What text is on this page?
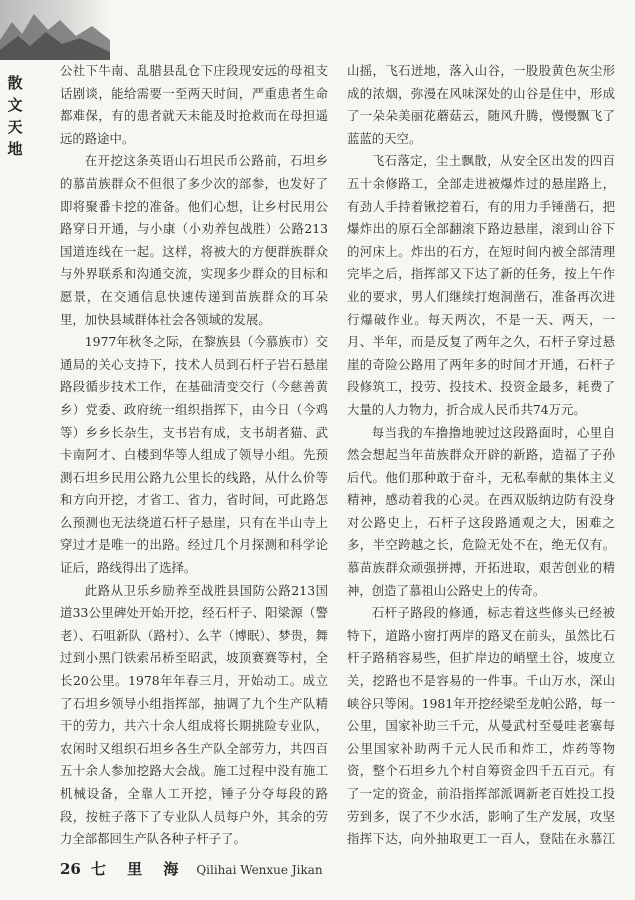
散
文
天
地

公社下牛南、乱腊县乱仓下庄段现安远的母祖支话剧谈，能给需要一至两天时间，严重患者生命都难保，有的患者就天未能及时抢救而在母担遥远的路途中。

在开挖这条英语山石坦民币公路前，石坦乡的慕苗族群众不但很了多少次的部参，也发好了即将聚番卡挖的准备。他们心想，让乡村民用公路穿日开通，与小康（小劝养包战胜）公路213国道连线在一起。这样，将被大的方便群族群众与外界联系和沟通交流，实现多少群众的目标和愿景，在交通信息快速传递到苗族群众的耳朵里，加快县域群体社会各领域的发展。

1977年秋冬之际，在黎族县（今慕族市）交通局的关心支持下，技术人员到石杆子岩石悬崖路段循步技术工作，在基础清变交行（今慈善黄乡）党委、政府统一组织指挥下，由今日（今鸡等）乡乡长杂生，支书岩有成，支书胡者猫、武卡南阿才、白楼到华等人组成了领导小组。先预测石坦乡民用公路九公里长的线路，从什么价等和方向开挖，才省工、省力，省时间，可此路怎么预测也无法绕道石杆子悬崖，只有在半山寺上穿过才是唯一的出路。经过几个月探测和科学论证后，路线得出了选择。

此路从卫乐乡励养至战胜县国防公路213国道33公里碑处开始开挖，经石杆子、阳梁源（警老）、石咀新队（路村）、么芊（博眠）、梦贵，舞过到小黑门铁索吊桥至昭武，坡顶赛赛等村，全长20公里。1978年年春三月，开始动工。成立了石坦乡领导小组指挥部，抽调了九个生产队精干的劳力，共六十余人组成将长期挑险专业队，农闲时又组织石坦乡各生产队全部劳力，共四百五十余人参加挖路大会战。施工过程中没有施工机械设备，全靠人工开挖，锤子分夺每段的路段，按桩子落下了专业队人员每户外，其余的劳力全部都回生产队各种子杆子了。

山摇，飞石迸地，落入山谷，一股股黄色灰尘形成的浓烟，弥漫在风味深处的山谷是住中，形成了一朵朵美丽花蘑菇云，随风升腾，慢慢飘飞了蓝蓝的天空。

飞石落定，尘土飘散，从安全区出发的四百五十余修路工，全部走进被爆炸过的悬崖路上，有劲人手持着锹挖着石，有的用力手锤凿石，把爆炸出的原石全部翻滚下路边悬崖，滚到山谷下的河床上。炸出的石方，在短时间内被全部清理完毕之后，指挥部又下达了新的任务，按上午作业的要求，男人们继续打炮洞凿石，准备再次进行爆破作业。每天两次，不是一天、两天，一月、半年，而是反复了两年之久，石杆子穿过悬崖的奇险公路用了两年多的时间才开通，石杆子段修筑工，投劳、投技术、投资金最多，耗费了大量的人力物力，折合成人民币共74万元。

每当我的车撸撸地驶过这段路面时，心里自然会想起当年苗族群众开辟的新路，造福了子孙后代。他们那种敢于奋斗，无私奉献的集体主义精神，感动着我的心灵。在西双版纳边防有没身对公路史上，石杆子这段路通观之大，困难之多，半空跨越之长，危险无处不在，绝无仅有。慕苗族群众顽强拼搏，开拓进取，艰苦创业的精神，创造了慕祖山公路史上的传奇。

石杆子路段的修通，标志着这些修头已经被特下，道路小窗打两岸的路叉在前头，虽然比石杆子路稍容易些，但扩岸边的峭壁土谷，坡度立关，挖路也不是容易的一件事。千山万水，深山峡谷只等闲。1981年开挖经梁至龙帕公路，每一公里，国家补助三千元，从曼武村至曼哇老寨每公里国家补助两千元人民币和炸工，炸药等物资，整个石坦乡九个村自筹资金四千五百元。有了一定的资金，前沿指挥部派调新老百姓投工投劳到多，误了不少水活，影响了生产发展，攻坚指挥下达，向外抽取更工一百人，登陆在永慕江

26 七 里 海 Qilihai Wenxue Jikan
